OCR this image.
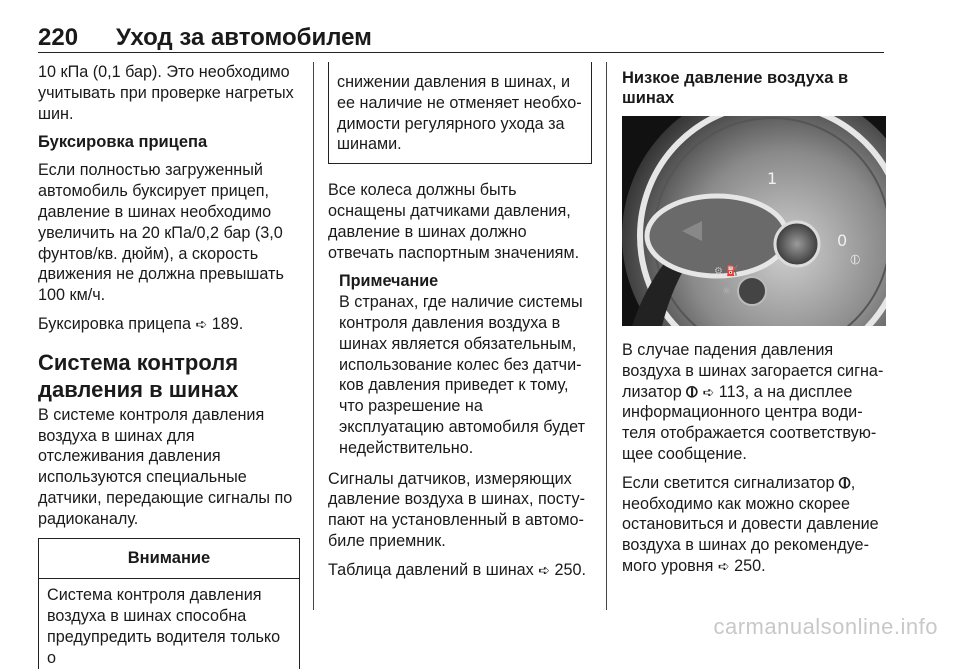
220 Уход за автомобилем

10 кПа (0,1 бар). Это необходимо учитывать при проверке нагретых шин.

Буксировка прицепа

Если полностью загруженный автомобиль буксирует прицеп, давление в шинах необходимо увеличить на 20 кПа/0,2 бар (3,0 фунтов/кв. дюйм), а скорость движения не должна превышать 100 км/ч.

Буксировка прицепа ➪ 189.

Система контроля давления в шинах

В системе контроля давления воздуха в шинах для отслеживания давления используются специальные датчики, передающие сигналы по радиоканалу.

Внимание
Система контроля давления воздуха в шинах способна предупредить водителя только о
снижении давления в шинах, и ее наличие не отменяет необходимости регулярного ухода за шинами.

Все колеса должны быть оснащены датчиками давления, давление в шинах должно отвечать паспортным значениям.

Примечание
В странах, где наличие системы контроля давления воздуха в шинах является обязательным, использование колес без датчиков давления приведет к тому, что разрешение на эксплуатацию автомобиля будет недействительно.

Сигналы датчиков, измеряющих давление воздуха в шинах, поступают на установленный в автомобиле приемник.

Таблица давлений в шинах ➪ 250.

Низкое давление воздуха в шинах
1
0
⦶
⚙ ⛽
☼

В случае падения давления воздуха в шинах загорается сигнализатор ⦶ ➪ 113, а на дисплее информационного центра водителя отображается соответствующее сообщение.

Если светится сигнализатор ⦶, необходимо как можно скорее остановиться и довести давление воздуха в шинах до рекомендуемого уровня ➪ 250.

carmanualsonline.info
